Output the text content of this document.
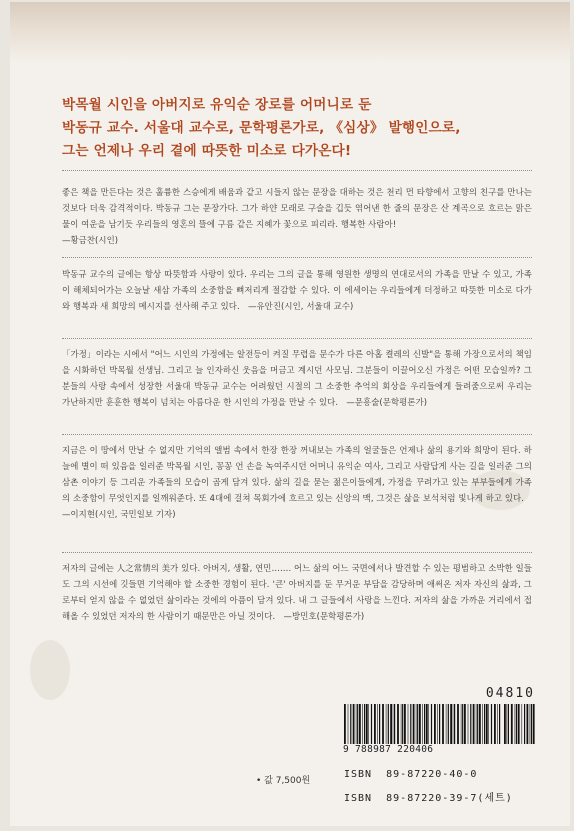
박목월 시인을 아버지로 유익순 장로를 어머니로 둔

박동규 교수. 서울대 교수로, 문학평론가로, 《심상》 발행인으로,

그는 언제나 우리 곁에 따뜻한 미소로 다가온다!

좋은 책을 만든다는 것은 훌륭한 스승에게 배움과 같고 시들지 않는 문장을 대하는 것은 천리 먼 타향에서 고향의 친구를 만나는 것보다 더욱 감격적이다. 박동규 그는 문장가다. 그가 하얀 모래로 구슬을 깁듯 엮어낸 한 줄의 문장은 산 계곡으로 흐르는 맑은 물이 여운을 남기듯 우리들의 영혼의 뜰에 구름 같은 지혜가 꽃으로 피리라. 행복한 사람아!

—황금찬(시인)

박동규 교수의 글에는 항상 따뜻함과 사랑이 있다. 우리는 그의 글을 통해 영원한 생명의 연대로서의 가족을 만날 수 있고, 가족이 해체되어가는 오늘날 새삼 가족의 소중함을 뼈저리게 절감할 수 있다. 이 에세이는 우리들에게 더정하고 따뜻한 미소로 다가와 행복과 새 희망의 메시지를 선사해 주고 있다. —유안진(시인, 서울대 교수)

「가정」이라는 시에서 "어느 시인의 가정에는 알전등이 켜질 무렵을 문수가 다른 아홉 켤레의 신발"을 통해 가장으로서의 책임을 시화하던 박목월 선생님. 그리고 늘 인자하신 웃음을 머금고 계시던 사모님. 그분들이 이끌어오신 가정은 어떤 모습일까? 그분들의 사랑 속에서 성장한 서울대 박동규 교수는 어려웠던 시절의 그 소중한 추억의 회상을 우리들에게 들려줌으로써 우리는 가난하지만 훈훈한 행복이 넘치는 아름다운 한 시인의 가정을 만날 수 있다. —문흥술(문학평론가)

지금은 이 땅에서 만날 수 없지만 기억의 앨범 속에서 한장 한장 꺼내보는 가족의 얼굴들은 언제나 삶의 용기와 희망이 된다. 하늘에 별이 떠 있음을 일러준 박목월 시인, 꽁꽁 언 손을 녹여주시던 어머니 유익순 여사, 그리고 사람답게 사는 길을 일러준 그의 삼촌 이야기 등 그리운 가족들의 모습이 곱게 담겨 있다. 삶의 길을 묻는 젊은이들에게, 가정을 꾸려가고 있는 부부들에게 가족의 소중함이 무엇인지를 일깨워준다. 또 4대에 걸쳐 목회가에 흐르고 있는 신앙의 맥, 그것은 삶을 보석처럼 빛나게 하고 있다.

—이지현(시인, 국민일보 기자)

저자의 글에는 人之常情의 美가 있다. 아버지, 생활, 연민……. 어느 삶의 어느 국면에서나 발견할 수 있는 평범하고 소박한 일들도 그의 시선에 깃들면 기억해야 할 소중한 경험이 된다. '큰' 아버지를 둔 무거운 부담을 감당하며 애써온 저자 자신의 삶과, 그로부터 얻지 않을 수 없었던 삶이라는 것에의 아픔이 담겨 있다. 내 그 글들에서 사랑을 느낀다. 저자의 삶을 가까운 거리에서 접해올 수 있었던 저자의 한 사람이기 때문만은 아닐 것이다. —방민호(문학평론가)

04810
9 788987 220406
ISBN 89-87220-40-0
ISBN 89-87220-39-7(세트)
• 값 7,500원
